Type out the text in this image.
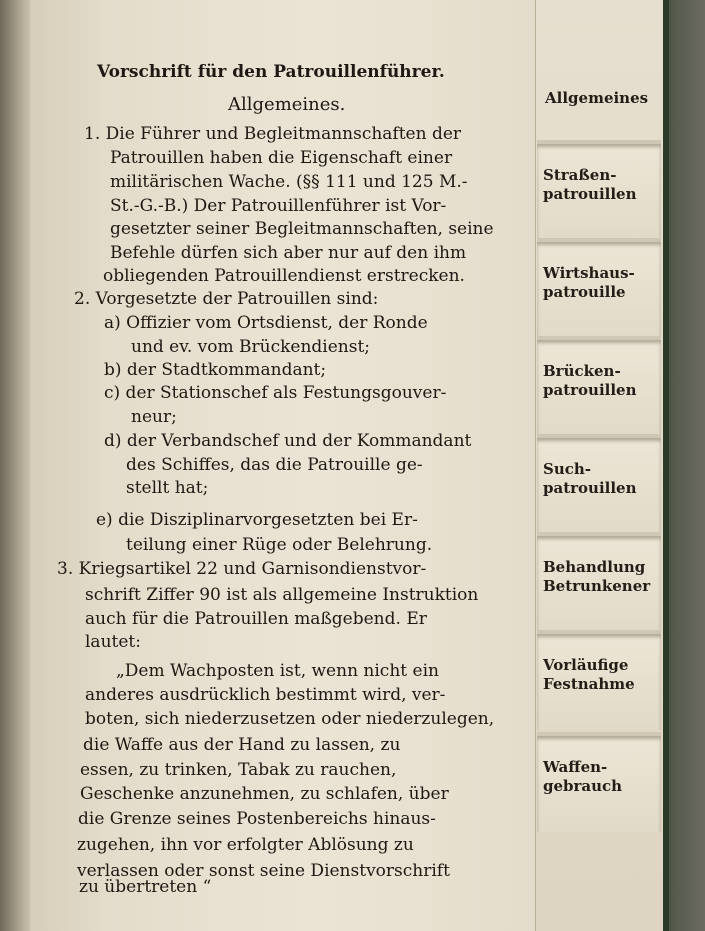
Vorschrift für den Patrouillenführer.
Allgemeines.
1. Die Führer und Begleitmannschaften der
Patrouillen haben die Eigenschaft einer
militärischen Wache. (§§ 111 und 125 M.-
St.-G.-B.) Der Patrouillenführer ist Vor-
gesetzter seiner Begleitmannschaften, seine
Befehle dürfen sich aber nur auf den ihm
obliegenden Patrouillendienst erstrecken.
2. Vorgesetzte der Patrouillen sind:
a) Offizier vom Ortsdienst, der Ronde
und ev. vom Brückendienst;
b) der Stadtkommandant;
c) der Stationschef als Festungsgouver-
neur;
d) der Verbandschef und der Kommandant
des Schiffes, das die Patrouille ge-
stellt hat;
e) die Disziplinarvorgesetzten bei Er-
teilung einer Rüge oder Belehrung.
3. Kriegsartikel 22 und Garnisondienstvor-
schrift Ziffer 90 ist als allgemeine Instruktion
auch für die Patrouillen maßgebend. Er
lautet:
„Dem Wachposten ist, wenn nicht ein
anderes ausdrücklich bestimmt wird, ver-
boten, sich niederzusetzen oder niederzulegen,
die Waffe aus der Hand zu lassen, zu
essen, zu trinken, Tabak zu rauchen,
Geschenke anzunehmen, zu schlafen, über
die Grenze seines Postenbereichs hinaus-
zugehen, ihn vor erfolgter Ablösung zu
verlassen oder sonst seine Dienstvorschrift
zu übertreten “
Allgemeines
Straßen-
patrouillen
Wirtshaus-
patrouille
Brücken-
patrouillen
Such-
patrouillen
Behandlung
Betrunkener
Vorläufige
Festnahme
Waffen-
gebrauch
